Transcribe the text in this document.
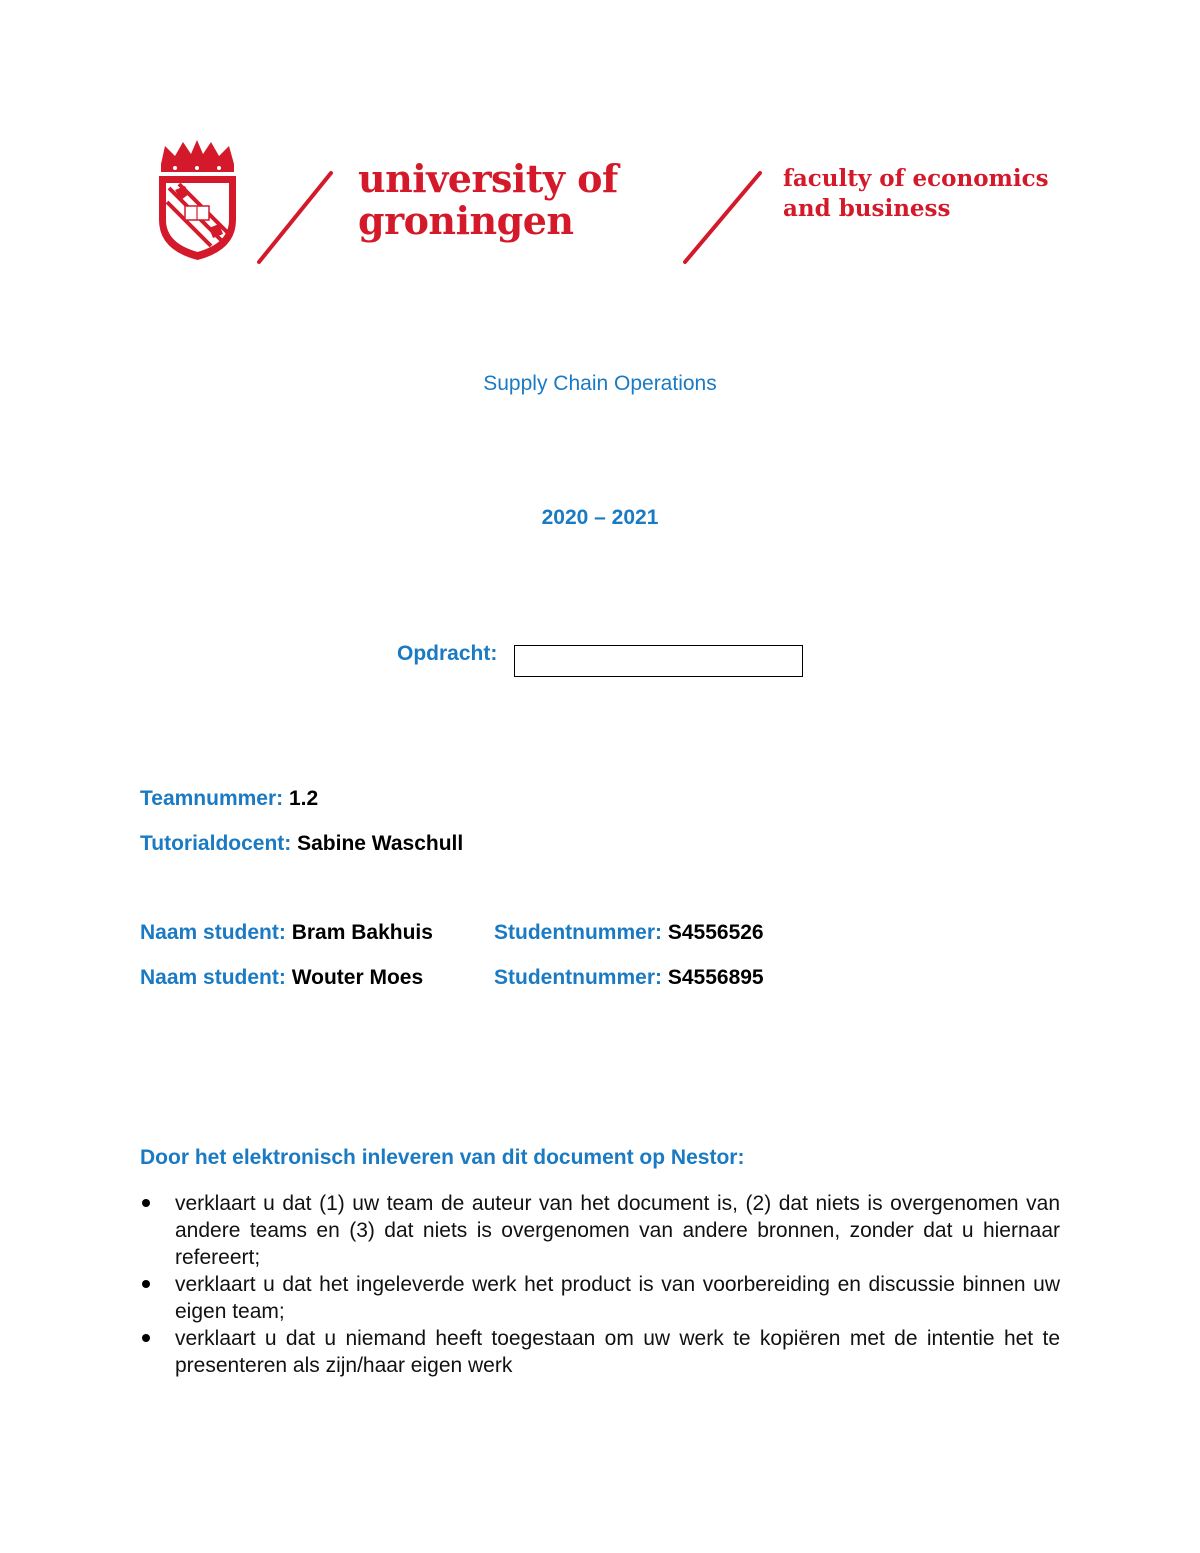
university of
groningen
faculty of economics
and business
Supply Chain Operations
2020 – 2021
Opdracht:
Teamnummer: 1.2
Tutorialdocent: Sabine Waschull
Naam student: Bram Bakhuis	Studentnummer: S4556526
Naam student: Wouter Moes	Studentnummer: S4556895
Door het elektronisch inleveren van dit document op Nestor:
verklaart u dat (1) uw team de auteur van het document is, (2) dat niets is overgenomen van andere teams en (3) dat niets is overgenomen van andere bronnen, zonder dat u hiernaar refereert;
verklaart u dat het ingeleverde werk het product is van voorbereiding en discussie binnen uw eigen team;
verklaart u dat u niemand heeft toegestaan om uw werk te kopiëren met de intentie het te presenteren als zijn/haar eigen werk
